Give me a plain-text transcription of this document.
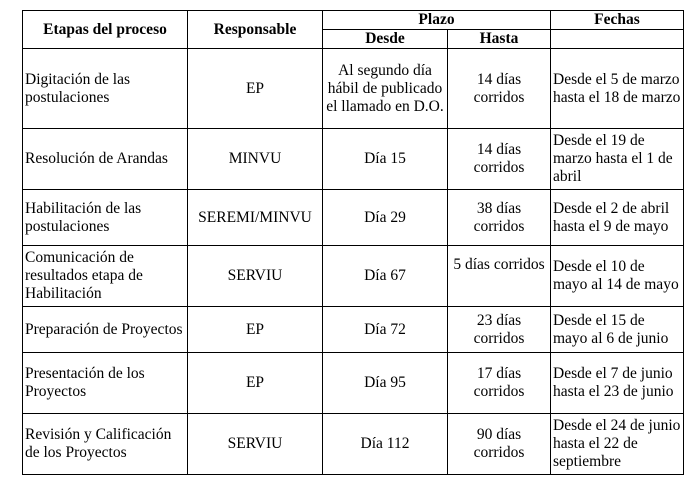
Etapas del proceso	Responsable	Plazo		Fechas
		Desde	Hasta	
Digitación de las postulaciones	EP	Al segundo día hábil de publicado el llamado en D.O.	14 días corridos	Desde el 5 de marzo hasta el 18 de marzo
Resolución de Arandas	MINVU	Día 15	14 días corridos	Desde el 19 de marzo hasta el 1 de abril
Habilitación de las postulaciones	SEREMI/MINVU	Día 29	38 días corridos	Desde el 2 de abril hasta el 9 de mayo
Comunicación de resultados etapa de Habilitación	SERVIU	Día 67	5 días corridos	Desde el 10 de mayo al 14 de mayo
Preparación de Proyectos	EP	Día 72	23 días corridos	Desde el 15 de mayo al 6 de junio
Presentación de los Proyectos	EP	Día 95	17 días corridos	Desde el 7 de junio hasta el 23 de junio
Revisión y Calificación de los Proyectos	SERVIU	Día 112	90 días corridos	Desde el 24 de junio hasta el 22 de septiembre
